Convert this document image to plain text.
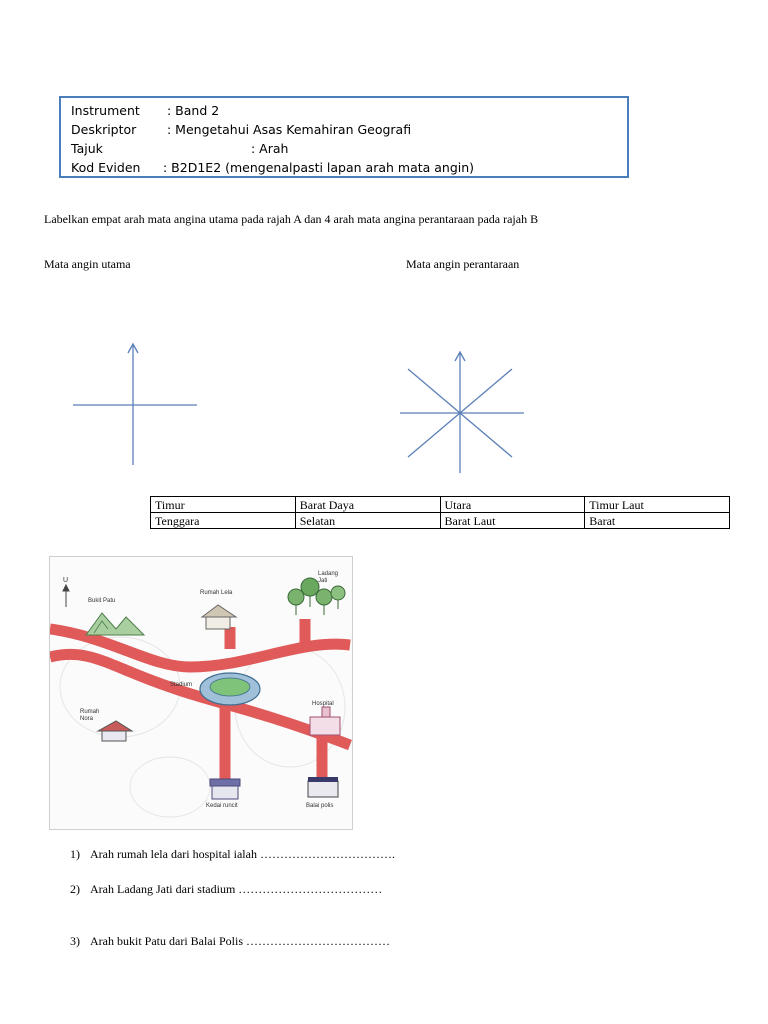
Instrument : Band 2
Deskriptor : Mengetahui Asas Kemahiran Geografi
Tajuk	: Arah
Kod Eviden : B2D1E2 (mengenalpasti lapan arah mata angin)
Labelkan empat arah mata angina utama pada rajah A dan 4 arah mata angina perantaraan pada rajah B
Mata angin utama	Mata angin perantaraan
Timur	Barat Daya	Utara	Timur Laut
Tenggara	Selatan	Barat Laut	Barat
U
Bukit Patu
Rumah Lela
Ladang Jati
Stadium
Rumah Nora
Hospital
Kedai runcit	Balai polis
1) Arah rumah lela dari hospital ialah …………………………….
2) Arah Ladang Jati dari stadium ………………………………
3) Arah bukit Patu dari Balai Polis ………………………………
